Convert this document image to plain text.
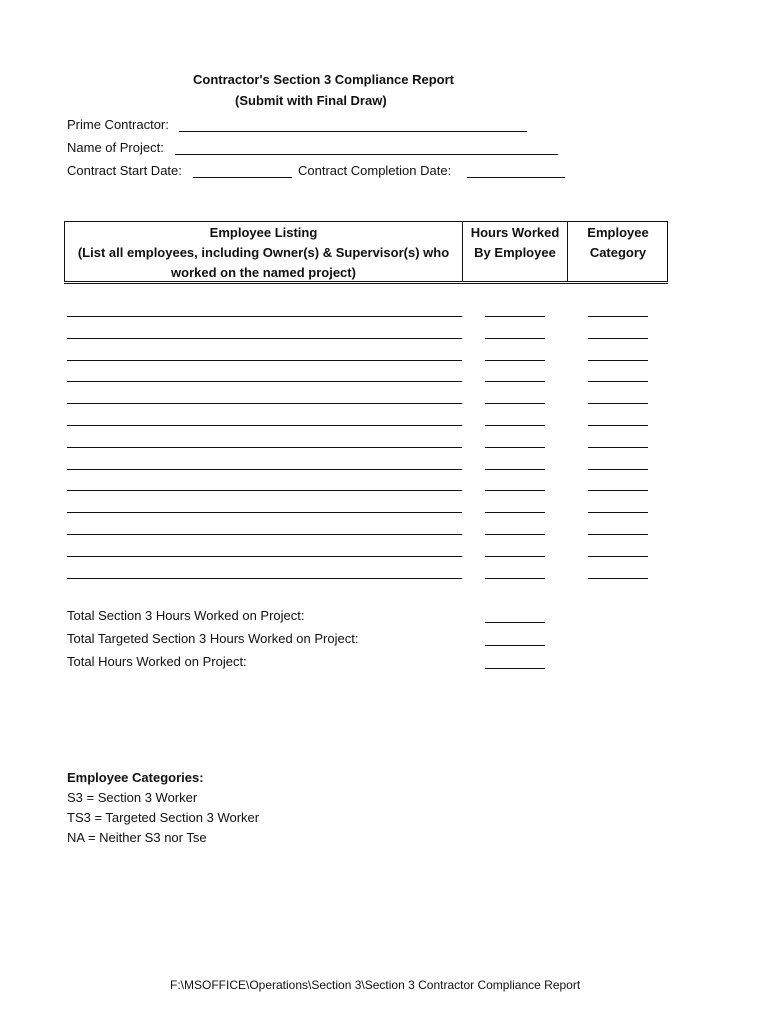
Contractor's Section 3 Compliance Report
(Submit with Final Draw)
Prime Contractor:
Name of Project:
Contract Start Date:	Contract Completion Date:
Employee Listing
(List all employees, including Owner(s) & Supervisor(s) who
worked on the named project)
Hours Worked
By Employee
Employee
Category
Total Section 3 Hours Worked on Project:
Total Targeted Section 3 Hours Worked on Project:
Total Hours Worked on Project:
Employee Categories:
S3 = Section 3 Worker
TS3 = Targeted Section 3 Worker
NA = Neither S3 nor Tse
F:\MSOFFICE\Operations\Section 3\Section 3 Contractor Compliance Report
